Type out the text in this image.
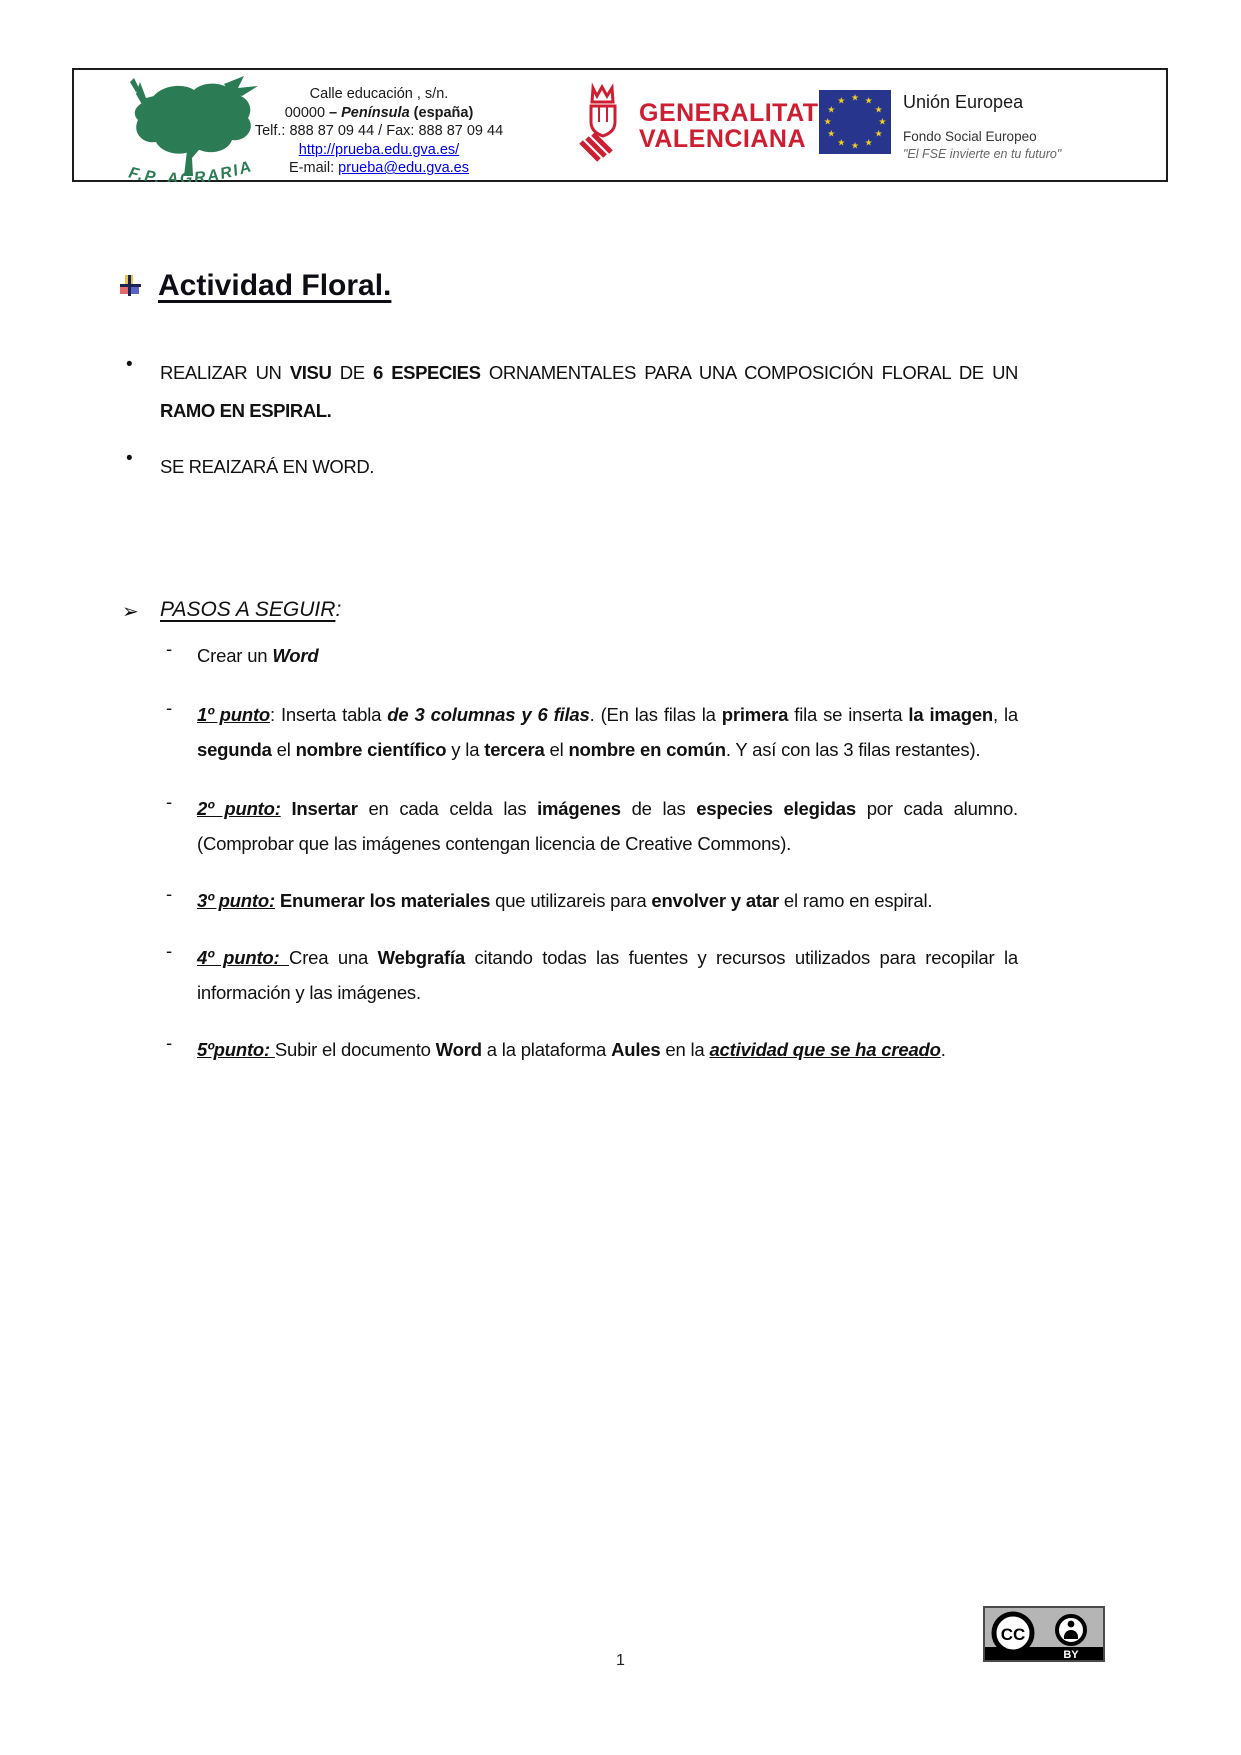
F.P. AGRARIA
Calle educación , s/n.
00000 – Península (españa)
Telf.: 888 87 09 44 / Fax: 888 87 09 44
http://prueba.edu.gva.es/
E-mail: prueba@edu.gva.es
GENERALITAT
VALENCIANA
★ ★
★
★
★
★
★
★
★
★
★
★	Unión Europea
Fondo Social Europeo
"El FSE invierte en tu futuro"
Actividad Floral.
•	REALIZAR UN VISU DE 6 ESPECIES ORNAMENTALES PARA UNA COMPOSICIÓN FLORAL DE UN RAMO EN ESPIRAL.
•	SE REAIZARÁ EN WORD.
➢	PASOS A SEGUIR:
-	Crear un Word
-	1º punto: Inserta tabla de 3 columnas y 6 filas. (En las filas la primera fila se inserta la imagen, la segunda el nombre científico y la tercera el nombre en común. Y así con las 3 filas restantes).
-	2º punto: Insertar en cada celda las imágenes de las especies elegidas por cada alumno. (Comprobar que las imágenes contengan licencia de Creative Commons).
-	3º punto: Enumerar los materiales que utilizareis para envolver y atar el ramo en espiral.
-	4º punto: Crea una Webgrafía citando todas las fuentes y recursos utilizados para recopilar la información y las imágenes.
-	5ºpunto: Subir el documento Word a la plataforma Aules en la actividad que se ha creado.
CC
BY
1
